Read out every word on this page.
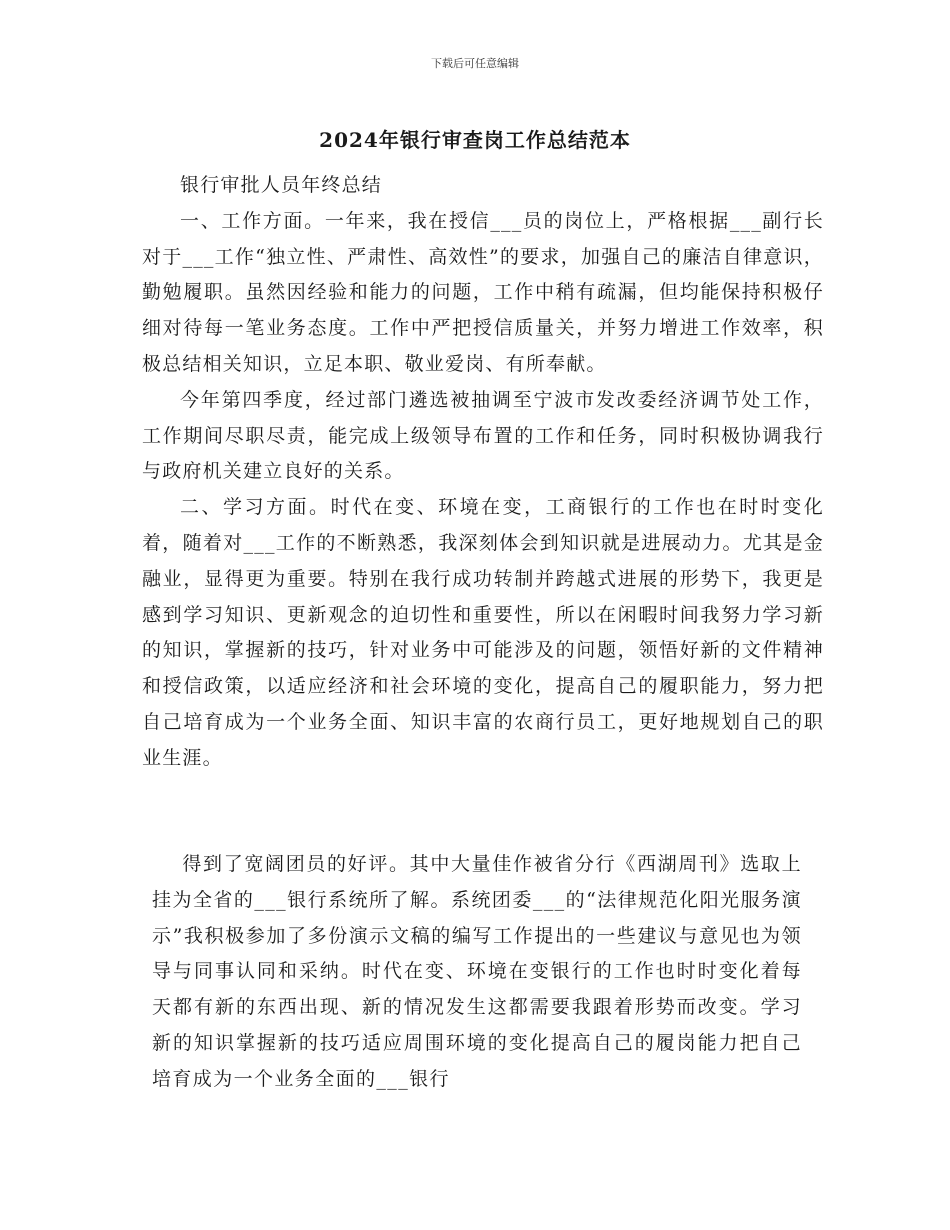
下载后可任意编辑
2024年银行审查岗工作总结范本

银行审批人员年终总结

一、工作方面。一年来，我在授信___员的岗位上，严格根据___副行长对于___工作“独立性、严肃性、高效性”的要求，加强自己的廉洁自律意识，勤勉履职。虽然因经验和能力的问题，工作中稍有疏漏，但均能保持积极仔细对待每一笔业务态度。工作中严把授信质量关，并努力增进工作效率，积极总结相关知识，立足本职、敬业爱岗、有所奉献。

今年第四季度，经过部门遴选被抽调至宁波市发改委经济调节处工作，工作期间尽职尽责，能完成上级领导布置的工作和任务，同时积极协调我行与政府机关建立良好的关系。

二、学习方面。时代在变、环境在变，工商银行的工作也在时时变化着，随着对___工作的不断熟悉，我深刻体会到知识就是进展动力。尤其是金融业，显得更为重要。特别在我行成功转制并跨越式进展的形势下，我更是感到学习知识、更新观念的迫切性和重要性，所以在闲暇时间我努力学习新的知识，掌握新的技巧，针对业务中可能涉及的问题，领悟好新的文件精神和授信政策，以适应经济和社会环境的变化，提高自己的履职能力，努力把自己培育成为一个业务全面、知识丰富的农商行员工，更好地规划自己的职业生涯。

得到了宽阔团员的好评。其中大量佳作被省分行《西湖周刊》选取上挂为全省的___银行系统所了解。系统团委___的“法律规范化阳光服务演示”我积极参加了多份演示文稿的编写工作提出的一些建议与意见也为领导与同事认同和采纳。时代在变、环境在变银行的工作也时时变化着每天都有新的东西出现、新的情况发生这都需要我跟着形势而改变。学习新的知识掌握新的技巧适应周围环境的变化提高自己的履岗能力把自己培育成为一个业务全面的___银行
